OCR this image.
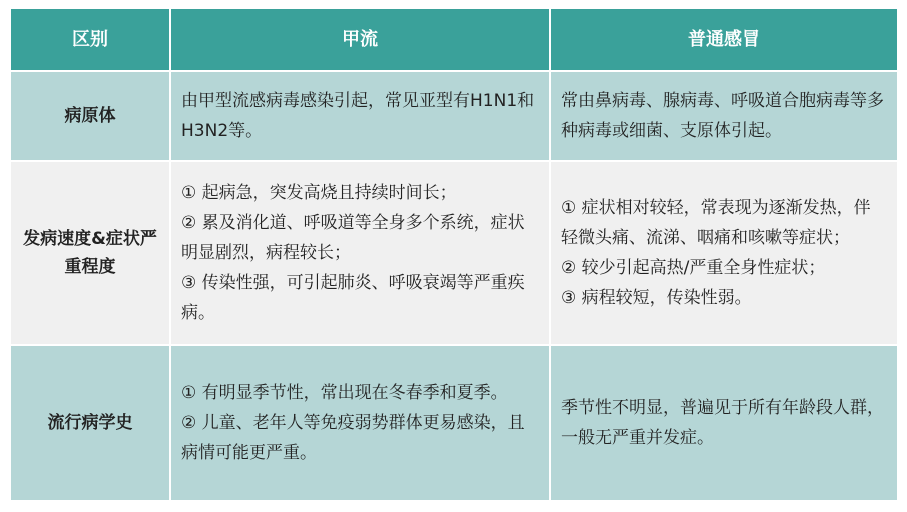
区别	甲流	普通感冒
病原体
由甲型流感病毒感染引起，常见亚型有H1N1和H3N2等。
常由鼻病毒、腺病毒、呼吸道合胞病毒等多种病毒或细菌、支原体引起。
发病速度&症状严重程度
① 起病急，突发高烧且持续时间长；
② 累及消化道、呼吸道等全身多个系统，症状明显剧烈，病程较长；
③ 传染性强，可引起肺炎、呼吸衰竭等严重疾病。
① 症状相对较轻，常表现为逐渐发热，伴轻微头痛、流涕、咽痛和咳嗽等症状；
② 较少引起高热/严重全身性症状；
③ 病程较短，传染性弱。
流行病学史
① 有明显季节性，常出现在冬春季和夏季。
② 儿童、老年人等免疫弱势群体更易感染，且病情可能更严重。
季节性不明显，普遍见于所有年龄段人群，一般无严重并发症。
